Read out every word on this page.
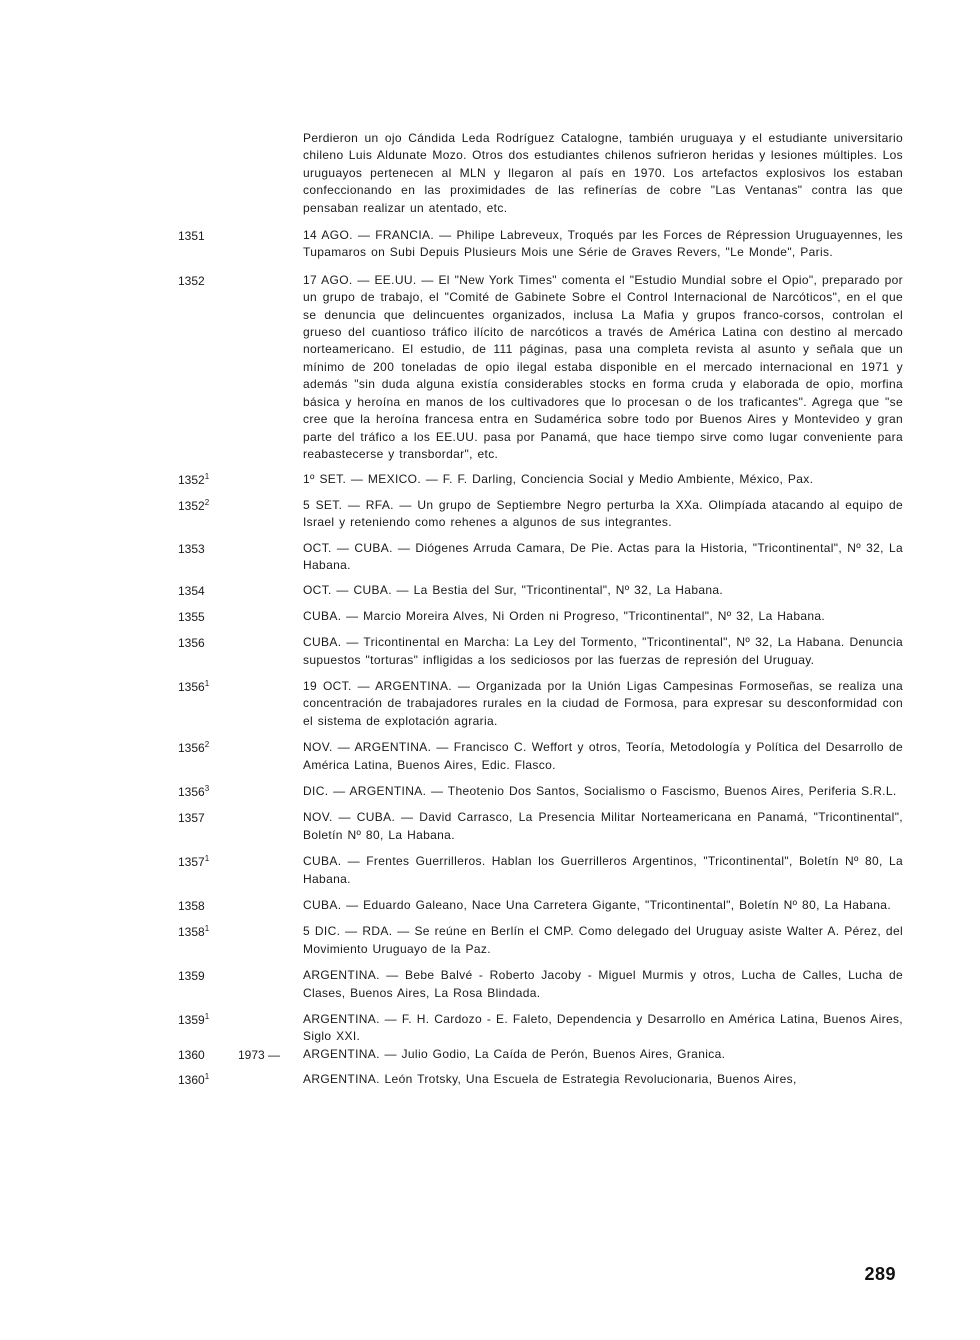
Perdieron un ojo Cándida Leda Rodríguez Catalogne, también uruguaya y el estudiante universitario chileno Luis Aldunate Mozo. Otros dos estudiantes chilenos sufrieron heridas y lesiones múltiples. Los uruguayos pertenecen al MLN y llegaron al país en 1970. Los artefactos explosivos los estaban confeccionando en las proximidades de las refinerías de cobre "Las Ventanas" contra las que pensaban realizar un atentado, etc.
1351	14 AGO. — FRANCIA. — Philipe Labreveux, Troqués par les Forces de Répression Uruguayennes, les Tupamaros on Subi Depuis Plusieurs Mois une Série de Graves Revers, "Le Monde", Paris.
1352	17 AGO. — EE.UU. — El "New York Times" comenta el "Estudio Mundial sobre el Opio", preparado por un grupo de trabajo, el "Comité de Gabinete Sobre el Control Internacional de Narcóticos", en el que se denuncia que delincuentes organizados, inclusa La Mafia y grupos franco-corsos, controlan el grueso del cuantioso tráfico ilícito de narcóticos a través de América Latina con destino al mercado norteamericano. El estudio, de 111 páginas, pasa una completa revista al asunto y señala que un mínimo de 200 toneladas de opio ilegal estaba disponible en el mercado internacional en 1971 y además "sin duda alguna existía considerables stocks en forma cruda y elaborada de opio, morfina básica y heroína en manos de los cultivadores que lo procesan o de los traficantes". Agrega que "se cree que la heroína francesa entra en Sudamérica sobre todo por Buenos Aires y Montevideo y gran parte del tráfico a los EE.UU. pasa por Panamá, que hace tiempo sirve como lugar conveniente para reabastecerse y transbordar", etc.
1352$^1$	1º SET. — MEXICO. — F. F. Darling, Conciencia Social y Medio Ambiente, México, Pax.
1352$^2$	5 SET. — RFA. — Un grupo de Septiembre Negro perturba la XXa. Olimpíada atacando al equipo de Israel y reteniendo como rehenes a algunos de sus integrantes.
1353	OCT. — CUBA. — Diógenes Arruda Camara, De Pie. Actas para la Historia, "Tricontinental", Nº 32, La Habana.
1354	OCT. — CUBA. — La Bestia del Sur, "Tricontinental", Nº 32, La Habana.
1355	CUBA. — Marcio Moreira Alves, Ni Orden ni Progreso, "Tricontinental", Nº 32, La Habana.
1356	CUBA. — Tricontinental en Marcha: La Ley del Tormento, "Tricontinental", Nº 32, La Habana. Denuncia supuestos "torturas" infligidas a los sediciosos por las fuerzas de represión del Uruguay.
1356$^1$	19 OCT. — ARGENTINA. — Organizada por la Unión Ligas Campesinas Formoseñas, se realiza una concentración de trabajadores rurales en la ciudad de Formosa, para expresar su desconformidad con el sistema de explotación agraria.
1356$^2$	NOV. — ARGENTINA. — Francisco C. Weffort y otros, Teoría, Metodología y Política del Desarrollo de América Latina, Buenos Aires, Edic. Flasco.
1356$^3$	DIC. — ARGENTINA. — Theotenio Dos Santos, Socialismo o Fascismo, Buenos Aires, Periferia S.R.L.
1357	NOV. — CUBA. — David Carrasco, La Presencia Militar Norteamericana en Panamá, "Tricontinental", Boletín Nº 80, La Habana.
1357$^1$	CUBA. — Frentes Guerrilleros. Hablan los Guerrilleros Argentinos, "Tricontinental", Boletín Nº 80, La Habana.
1358	CUBA. — Eduardo Galeano, Nace Una Carretera Gigante, "Tricontinental", Boletín Nº 80, La Habana.
1358$^1$	5 DIC. — RDA. — Se reúne en Berlín el CMP. Como delegado del Uruguay asiste Walter A. Pérez, del Movimiento Uruguayo de la Paz.
1359	ARGENTINA. — Bebe Balvé - Roberto Jacoby - Miguel Murmis y otros, Lucha de Calles, Lucha de Clases, Buenos Aires, La Rosa Blindada.
1359$^1$	ARGENTINA. — F. H. Cardozo - E. Faleto, Dependencia y Desarrollo en América Latina, Buenos Aires, Siglo XXI.
1360	1973 —	ARGENTINA. — Julio Godio, La Caída de Perón, Buenos Aires, Granica.
1360$^1$	ARGENTINA. León Trotsky, Una Escuela de Estrategia Revolucionaria, Buenos Aires,
289
